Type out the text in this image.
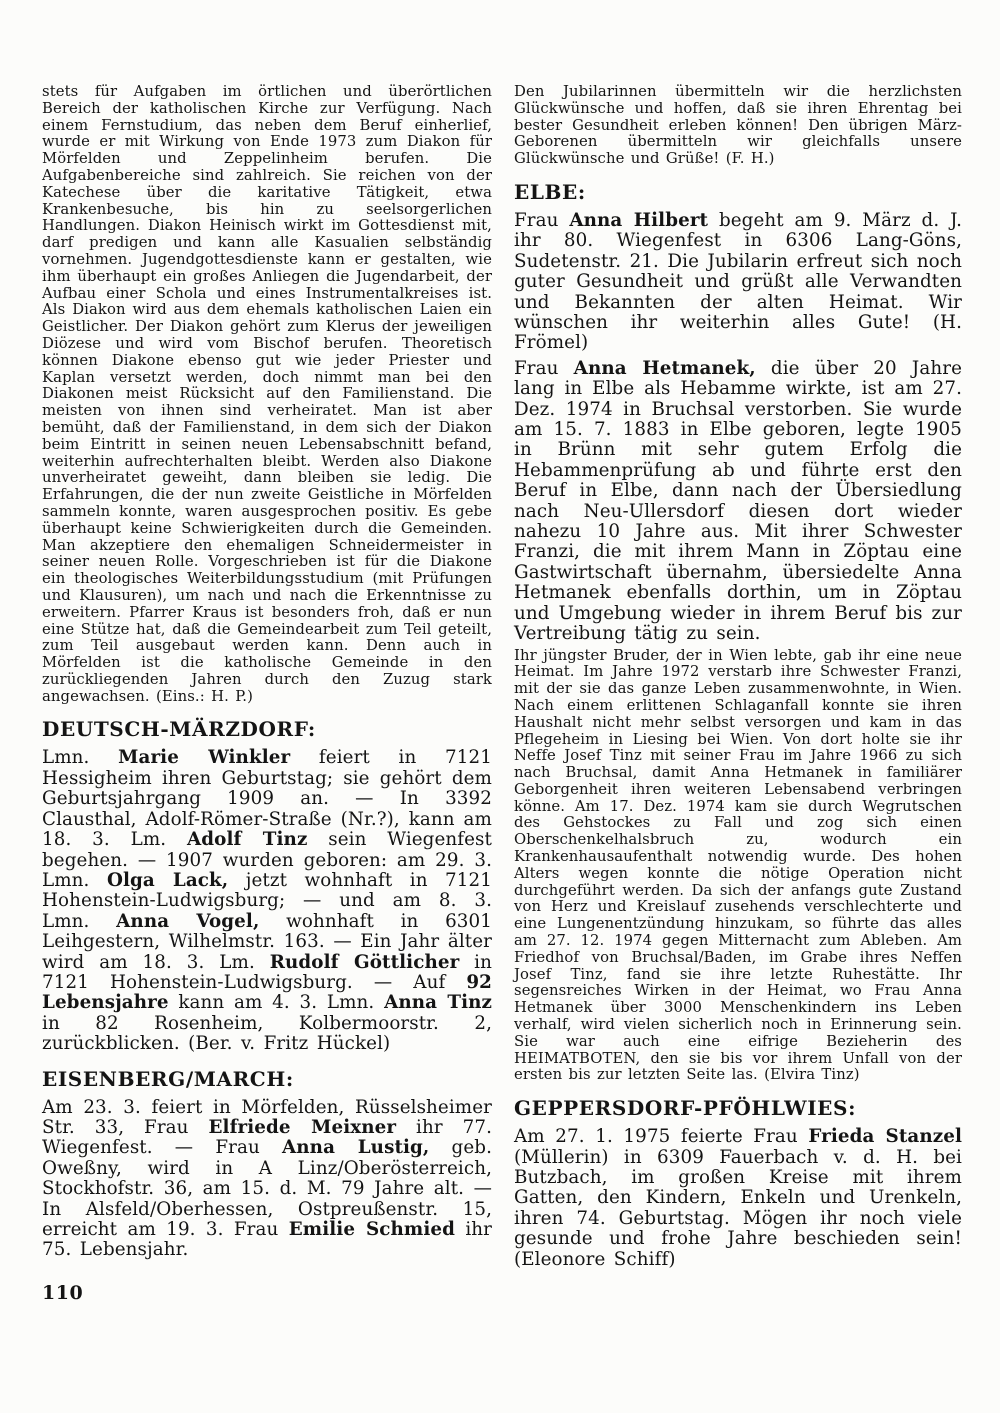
stets für Aufgaben im örtlichen und überörtlichen Bereich der katholischen Kirche zur Verfügung. Nach einem Fernstudium, das neben dem Beruf einherlief, wurde er mit Wirkung von Ende 1973 zum Diakon für Mörfelden und Zeppelinheim berufen. Die Aufgabenbereiche sind zahlreich. Sie reichen von der Katechese über die karitative Tätigkeit, etwa Krankenbesuche, bis hin zu seelsorgerlichen Handlungen. Diakon Heinisch wirkt im Gottesdienst mit, darf predigen und kann alle Kasualien selbständig vornehmen. Jugendgottesdienste kann er gestalten, wie ihm überhaupt ein großes Anliegen die Jugendarbeit, der Aufbau einer Schola und eines Instrumentalkreises ist. Als Diakon wird aus dem ehemals katholischen Laien ein Geistlicher. Der Diakon gehört zum Klerus der jeweiligen Diözese und wird vom Bischof berufen. Theoretisch können Diakone ebenso gut wie jeder Priester und Kaplan versetzt werden, doch nimmt man bei den Diakonen meist Rücksicht auf den Familienstand. Die meisten von ihnen sind verheiratet. Man ist aber bemüht, daß der Familienstand, in dem sich der Diakon beim Eintritt in seinen neuen Lebensabschnitt befand, weiterhin aufrechterhalten bleibt. Werden also Diakone unverheiratet geweiht, dann bleiben sie ledig. Die Erfahrungen, die der nun zweite Geistliche in Mörfelden sammeln konnte, waren ausgesprochen positiv. Es gebe überhaupt keine Schwierigkeiten durch die Gemeinden. Man akzeptiere den ehemaligen Schneidermeister in seiner neuen Rolle. Vorgeschrieben ist für die Diakone ein theologisches Weiterbildungsstudium (mit Prüfungen und Klausuren), um nach und nach die Erkenntnisse zu erweitern. Pfarrer Kraus ist besonders froh, daß er nun eine Stütze hat, daß die Gemeindearbeit zum Teil geteilt, zum Teil ausgebaut werden kann. Denn auch in Mörfelden ist die katholische Gemeinde in den zurückliegenden Jahren durch den Zuzug stark angewachsen. (Eins.: H. P.)

DEUTSCH-MÄRZDORF:

Lmn. Marie Winkler feiert in 7121 Hessigheim ihren Geburtstag; sie gehört dem Geburtsjahrgang 1909 an. — In 3392 Clausthal, Adolf-Römer-Straße (Nr.?), kann am 18. 3. Lm. Adolf Tinz sein Wiegenfest begehen. — 1907 wurden geboren: am 29. 3. Lmn. Olga Lack, jetzt wohnhaft in 7121 Hohenstein-Ludwigsburg; — und am 8. 3. Lmn. Anna Vogel, wohnhaft in 6301 Leihgestern, Wilhelmstr. 163. — Ein Jahr älter wird am 18. 3. Lm. Rudolf Göttlicher in 7121 Hohenstein-Ludwigsburg. — Auf 92 Lebensjahre kann am 4. 3. Lmn. Anna Tinz in 82 Rosenheim, Kolbermoorstr. 2, zurückblicken. (Ber. v. Fritz Hückel)

EISENBERG/MARCH:

Am 23. 3. feiert in Mörfelden, Rüsselsheimer Str. 33, Frau Elfriede Meixner ihr 77. Wiegenfest. — Frau Anna Lustig, geb. Oweßny, wird in A Linz/Oberösterreich, Stockhofstr. 36, am 15. d. M. 79 Jahre alt. — In Alsfeld/Oberhessen, Ostpreußenstr. 15, erreicht am 19. 3. Frau Emilie Schmied ihr 75. Lebensjahr.

Den Jubilarinnen übermitteln wir die herzlichsten Glückwünsche und hoffen, daß sie ihren Ehrentag bei bester Gesundheit erleben können! Den übrigen März-Geborenen übermitteln wir gleichfalls unsere Glückwünsche und Grüße! (F. H.)

ELBE:

Frau Anna Hilbert begeht am 9. März d. J. ihr 80. Wiegenfest in 6306 Lang-Göns, Sudetenstr. 21. Die Jubilarin erfreut sich noch guter Gesundheit und grüßt alle Verwandten und Bekannten der alten Heimat. Wir wünschen ihr weiterhin alles Gute! (H. Frömel)

Frau Anna Hetmanek, die über 20 Jahre lang in Elbe als Hebamme wirkte, ist am 27. Dez. 1974 in Bruchsal verstorben. Sie wurde am 15. 7. 1883 in Elbe geboren, legte 1905 in Brünn mit sehr gutem Erfolg die Hebammenprüfung ab und führte erst den Beruf in Elbe, dann nach der Übersiedlung nach Neu-Ullersdorf diesen dort wieder nahezu 10 Jahre aus. Mit ihrer Schwester Franzi, die mit ihrem Mann in Zöptau eine Gastwirtschaft übernahm, übersiedelte Anna Hetmanek ebenfalls dorthin, um in Zöptau und Umgebung wieder in ihrem Beruf bis zur Vertreibung tätig zu sein.

Ihr jüngster Bruder, der in Wien lebte, gab ihr eine neue Heimat. Im Jahre 1972 verstarb ihre Schwester Franzi, mit der sie das ganze Leben zusammenwohnte, in Wien. Nach einem erlittenen Schlaganfall konnte sie ihren Haushalt nicht mehr selbst versorgen und kam in das Pflegeheim in Liesing bei Wien. Von dort holte sie ihr Neffe Josef Tinz mit seiner Frau im Jahre 1966 zu sich nach Bruchsal, damit Anna Hetmanek in familiärer Geborgenheit ihren weiteren Lebensabend verbringen könne. Am 17. Dez. 1974 kam sie durch Wegrutschen des Gehstockes zu Fall und zog sich einen Oberschenkelhalsbruch zu, wodurch ein Krankenhausaufenthalt notwendig wurde. Des hohen Alters wegen konnte die nötige Operation nicht durchgeführt werden. Da sich der anfangs gute Zustand von Herz und Kreislauf zusehends verschlechterte und eine Lungenentzündung hinzukam, so führte das alles am 27. 12. 1974 gegen Mitternacht zum Ableben. Am Friedhof von Bruchsal/Baden, im Grabe ihres Neffen Josef Tinz, fand sie ihre letzte Ruhestätte. Ihr segensreiches Wirken in der Heimat, wo Frau Anna Hetmanek über 3000 Menschenkindern ins Leben verhalf, wird vielen sicherlich noch in Erinnerung sein. Sie war auch eine eifrige Bezieherin des HEIMATBOTEN, den sie bis vor ihrem Unfall von der ersten bis zur letzten Seite las. (Elvira Tinz)

GEPPERSDORF-PFÖHLWIES:

Am 27. 1. 1975 feierte Frau Frieda Stanzel (Müllerin) in 6309 Fauerbach v. d. H. bei Butzbach, im großen Kreise mit ihrem Gatten, den Kindern, Enkeln und Urenkeln, ihren 74. Geburtstag. Mögen ihr noch viele gesunde und frohe Jahre beschieden sein! (Eleonore Schiff)

110
